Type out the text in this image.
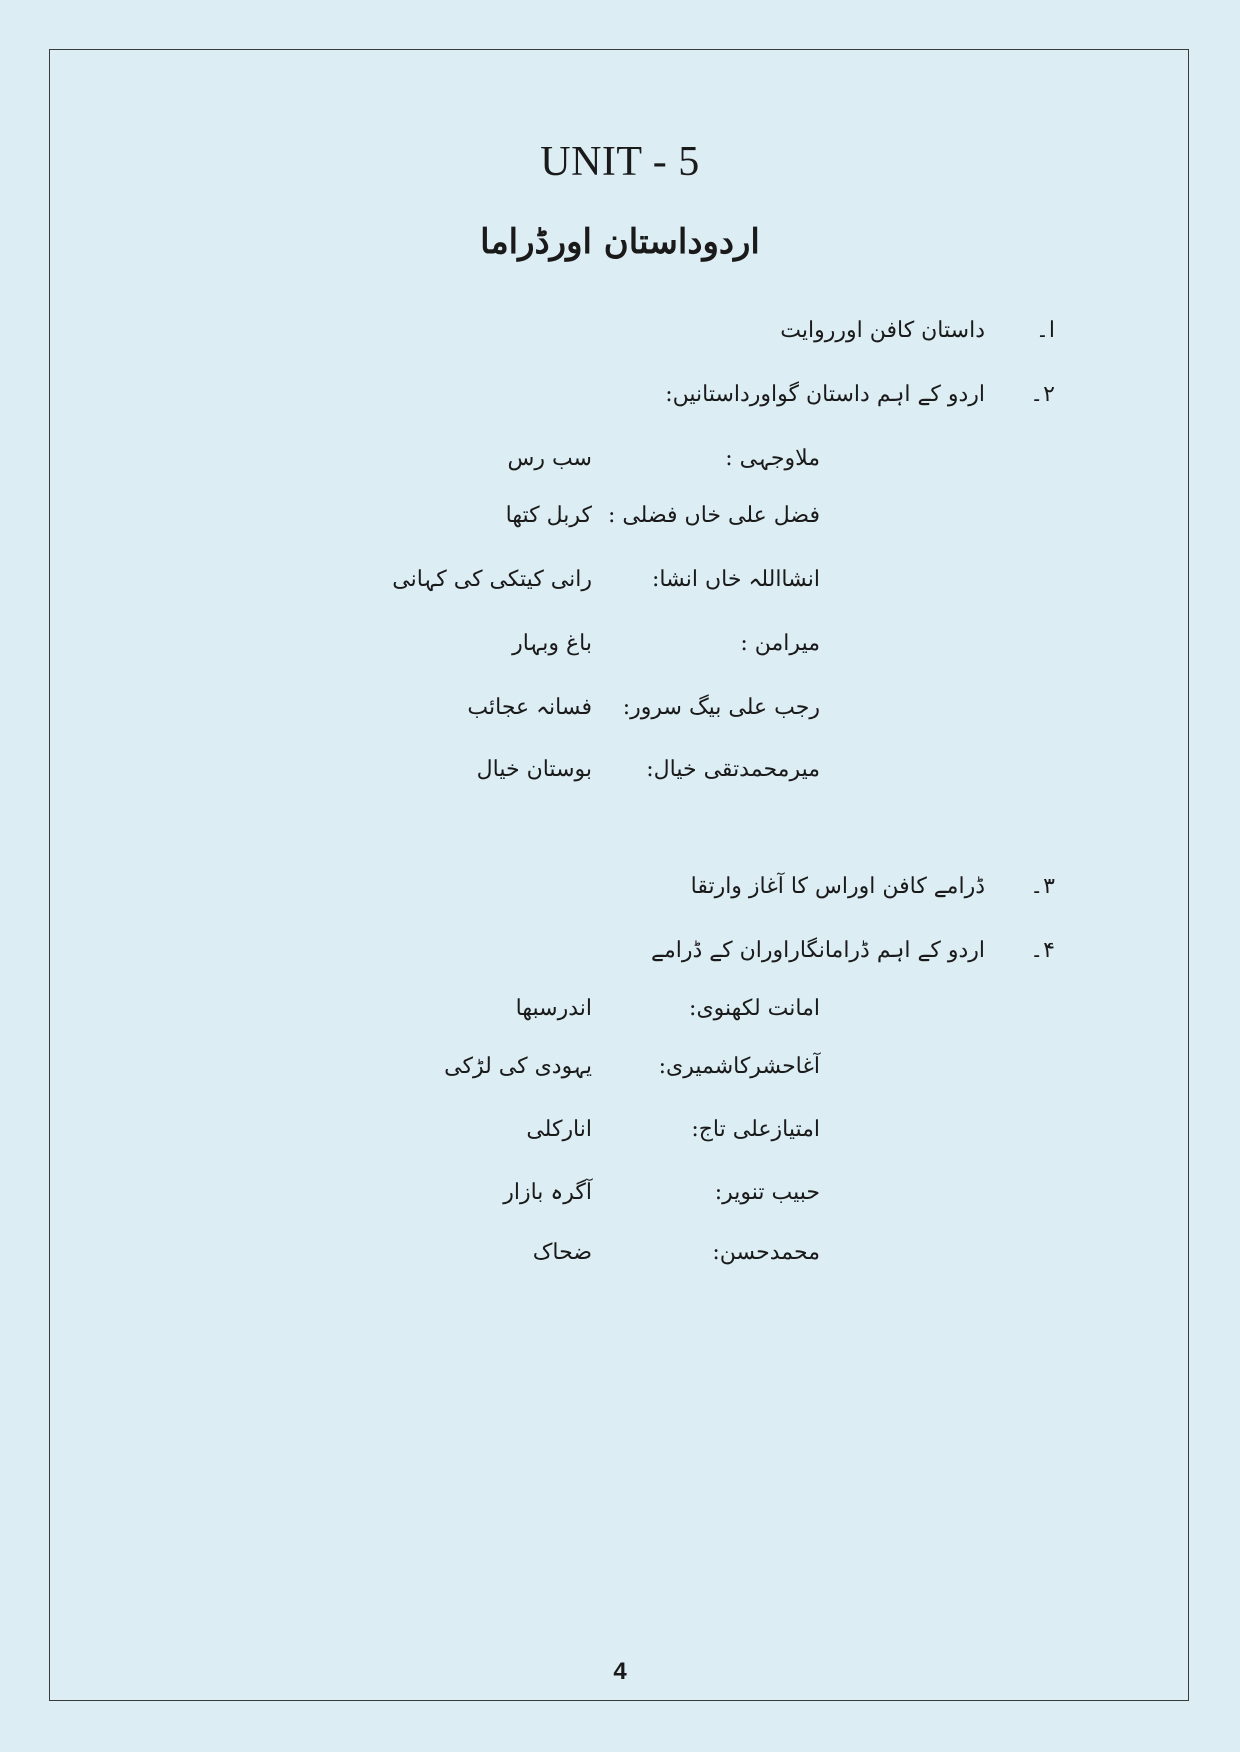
UNIT - 5
اردوداستان اورڈراما
ا۔
داستان کافن اورروایت
۲۔
اردو کے اہم داستان گواورداستانیں:
ملاوجہی :
سب رس
فضل علی خاں فضلی :
کربل کتھا
انشااللہ خاں انشا:
رانی کیتکی کی کہانی
میرامن :
باغ وبہار
رجب علی بیگ سرور:
فسانہ عجائب
میرمحمدتقی خیال:
بوستان خیال
۳۔
ڈرامے کافن اوراس کا آغاز وارتقا
۴۔
اردو کے اہم ڈرامانگاراوران کے ڈرامے
امانت لکھنوی:
اندرسبھا
آغاحشرکاشمیری:
یہودی کی لڑکی
امتیازعلی تاج:
انارکلی
حبیب تنویر:
آگرہ بازار
محمدحسن:
ضحاک
4
